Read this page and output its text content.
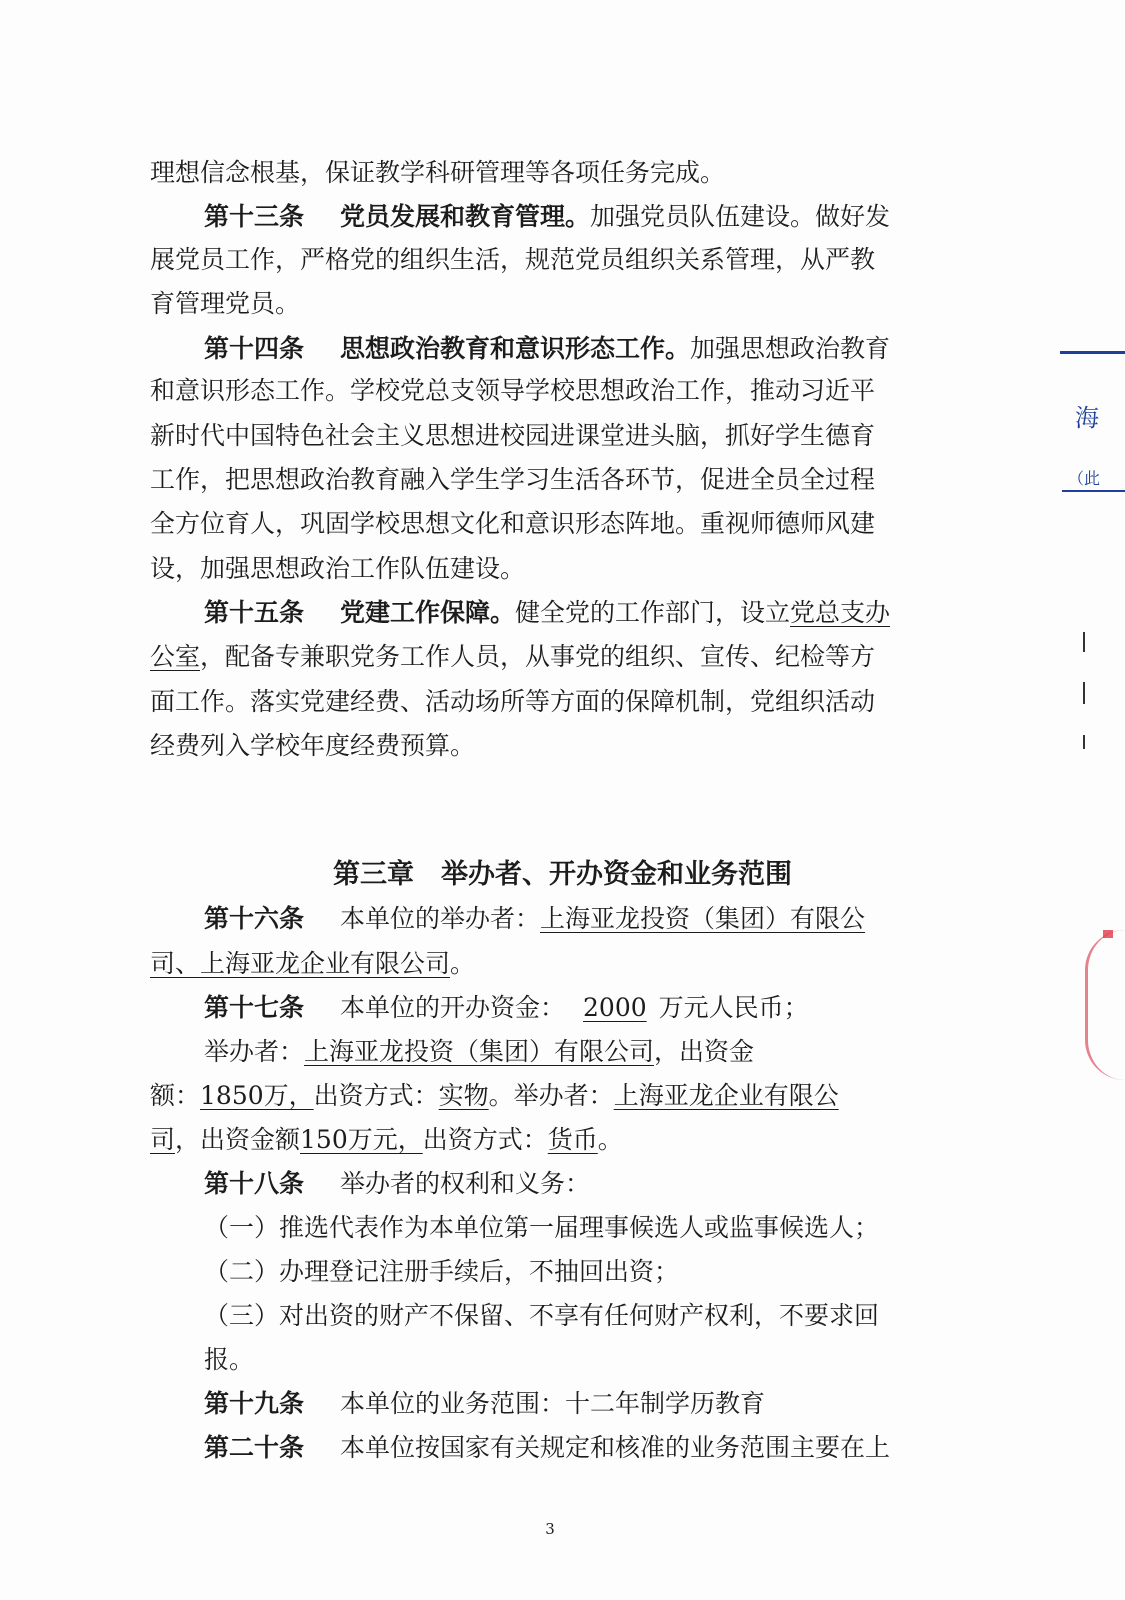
理想信念根基，保证教学科研管理等各项任务完成。

第十三条 党员发展和教育管理。加强党员队伍建设。做好发

展党员工作，严格党的组织生活，规范党员组织关系管理，从严教

育管理党员。

第十四条 思想政治教育和意识形态工作。加强思想政治教育

和意识形态工作。学校党总支领导学校思想政治工作，推动习近平

新时代中国特色社会主义思想进校园进课堂进头脑，抓好学生德育

工作，把思想政治教育融入学生学习生活各环节，促进全员全过程

全方位育人，巩固学校思想文化和意识形态阵地。重视师德师风建

设，加强思想政治工作队伍建设。

第十五条 党建工作保障。健全党的工作部门，设立党总支办

公室，配备专兼职党务工作人员，从事党的组织、宣传、纪检等方

面工作。落实党建经费、活动场所等方面的保障机制，党组织活动

经费列入学校年度经费预算。

第三章　举办者、开办资金和业务范围

第十六条 本单位的举办者：上海亚龙投资（集团）有限公

司、上海亚龙企业有限公司。

第十七条 本单位的开办资金： 2000 万元人民币；

举办者：上海亚龙投资（集团）有限公司，出资金

额：1850万，出资方式：实物。举办者：上海亚龙企业有限公

司，出资金额150万元，出资方式：货币。

第十八条 举办者的权利和义务：

（一）推选代表作为本单位第一届理事候选人或监事候选人；

（二）办理登记注册手续后，不抽回出资；

（三）对出资的财产不保留、不享有任何财产权利，不要求回

报。

第十九条 本单位的业务范围：十二年制学历教育

第二十条 本单位按国家有关规定和核准的业务范围主要在上

3
海
（此
